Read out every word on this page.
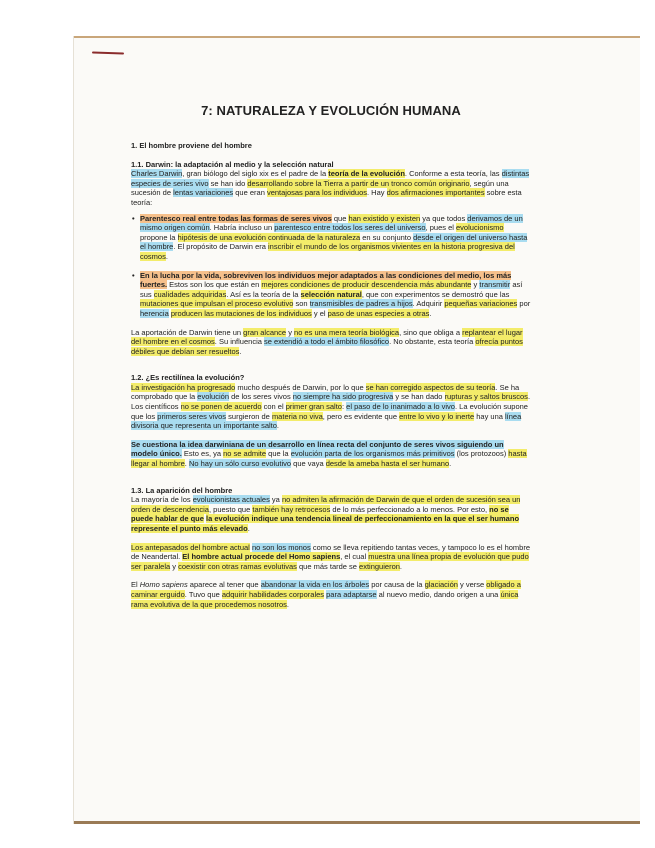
7: NATURALEZA Y EVOLUCIÓN HUMANA
1. El hombre proviene del hombre
1.1. Darwin: la adaptación al medio y la selección natural

Charles Darwin, gran biólogo del siglo xix es el padre de la teoría de la evolución. Conforme a esta teoría, las distintas especies de series vivo se han ido desarrollando sobre la Tierra a partir de un tronco común originario, según una sucesión de lentas variaciones que eran ventajosas para los individuos. Hay dos afirmaciones importantes sobre esta teoría:

• Parentesco real entre todas las formas de seres vivos que han existido y existen ya que todos derivamos de un mismo origen común. Habría incluso un parentesco entre todos los seres del universo, pues el evolucionismo propone la hipótesis de una evolución continuada de la naturaleza en su conjunto desde el origen del universo hasta el hombre. El propósito de Darwin era inscribir el mundo de los organismos vivientes en la historia progresiva del cosmos.
• En la lucha por la vida, sobreviven los individuos mejor adaptados a las condiciones del medio, los más fuertes. Estos son los que están en mejores condiciones de producir descendencia más abundante y transmitir así sus cualidades adquiridas. Así es la teoría de la selección natural, que con experimentos se demostró que las mutaciones que impulsan el proceso evolutivo son transmisibles de padres a hijos. Adquirir pequeñas variaciones por herencia producen las mutaciones de los individuos y el paso de unas especies a otras.

La aportación de Darwin tiene un gran alcance y no es una mera teoría biológica, sino que obliga a replantear el lugar del hombre en el cosmos. Su influencia se extendió a todo el ámbito filosófico. No obstante, esta teoría ofrecía puntos débiles que debían ser resueltos.

1.2. ¿Es rectilínea la evolución?

La investigación ha progresado mucho después de Darwin, por lo que se han corregido aspectos de su teoría. Se ha comprobado que la evolución de los seres vivos no siempre ha sido progresiva y se han dado rupturas y saltos bruscos. Los científicos no se ponen de acuerdo con el primer gran salto: el paso de lo inanimado a lo vivo. La evolución supone que los primeros seres vivos surgieron de materia no viva, pero es evidente que entre lo vivo y lo inerte hay una línea divisoria que representa un importante salto.

Se cuestiona la idea darwiniana de un desarrollo en línea recta del conjunto de seres vivos siguiendo un modelo único. Esto es, ya no se admite que la evolución parta de los organismos más primitivos (los protozoos) hasta llegar al hombre. No hay un sólo curso evolutivo que vaya desde la ameba hasta el ser humano.

1.3. La aparición del hombre

La mayoría de los evolucionistas actuales ya no admiten la afirmación de Darwin de que el orden de sucesión sea un orden de descendencia, puesto que también hay retrocesos de lo más perfeccionado a lo menos. Por esto, no se puede hablar de que la evolución indique una tendencia lineal de perfeccionamiento en la que el ser humano represente el punto más elevado.

Los antepasados del hombre actual no son los monos como se lleva repitiendo tantas veces, y tampoco lo es el hombre de Neandertal. El hombre actual procede del Homo sapiens, el cual muestra una línea propia de evolución que pudo ser paralela y coexistir con otras ramas evolutivas que más tarde se extinguieron.

El Homo sapiens aparece al tener que abandonar la vida en los árboles por causa de la glaciación y verse obligado a caminar erguido. Tuvo que adquirir habilidades corporales para adaptarse al nuevo medio, dando origen a una única rama evolutiva de la que procedemos nosotros.
